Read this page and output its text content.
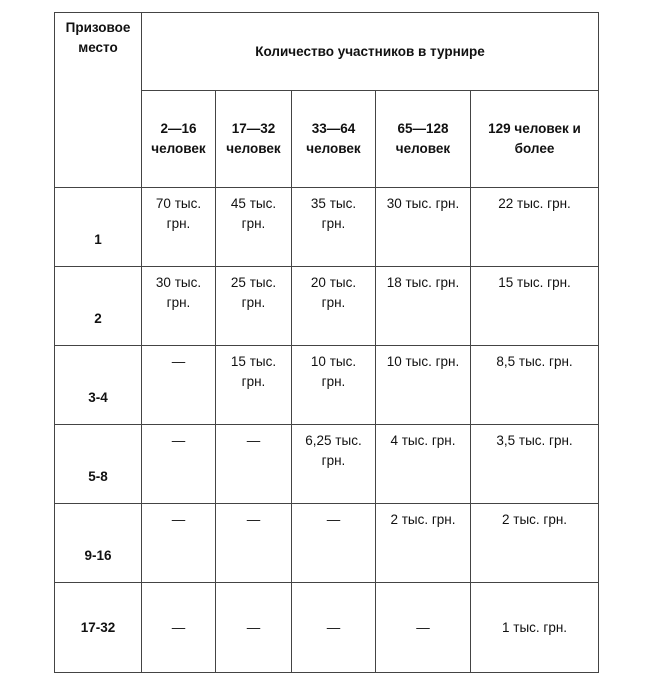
Призовое место	Количество участников в турнире				
	2—16 человек	17—32 человек	33—64 человек	65—128 человек	129 человек и более
1	70 тыс. грн.	45 тыс. грн.	35 тыс. грн.	30 тыс. грн.	22 тыс. грн.
2	30 тыс. грн.	25 тыс. грн.	20 тыс. грн.	18 тыс. грн.	15 тыс. грн.
3-4	—	15 тыс. грн.	10 тыс. грн.	10 тыс. грн.	8,5 тыс. грн.
5-8	—	—	6,25 тыс. грн.	4 тыс. грн.	3,5 тыс. грн.
9-16	—	—	—	2 тыс. грн.	2 тыс. грн.
17-32	—	—	—	—	1 тыс. грн.
